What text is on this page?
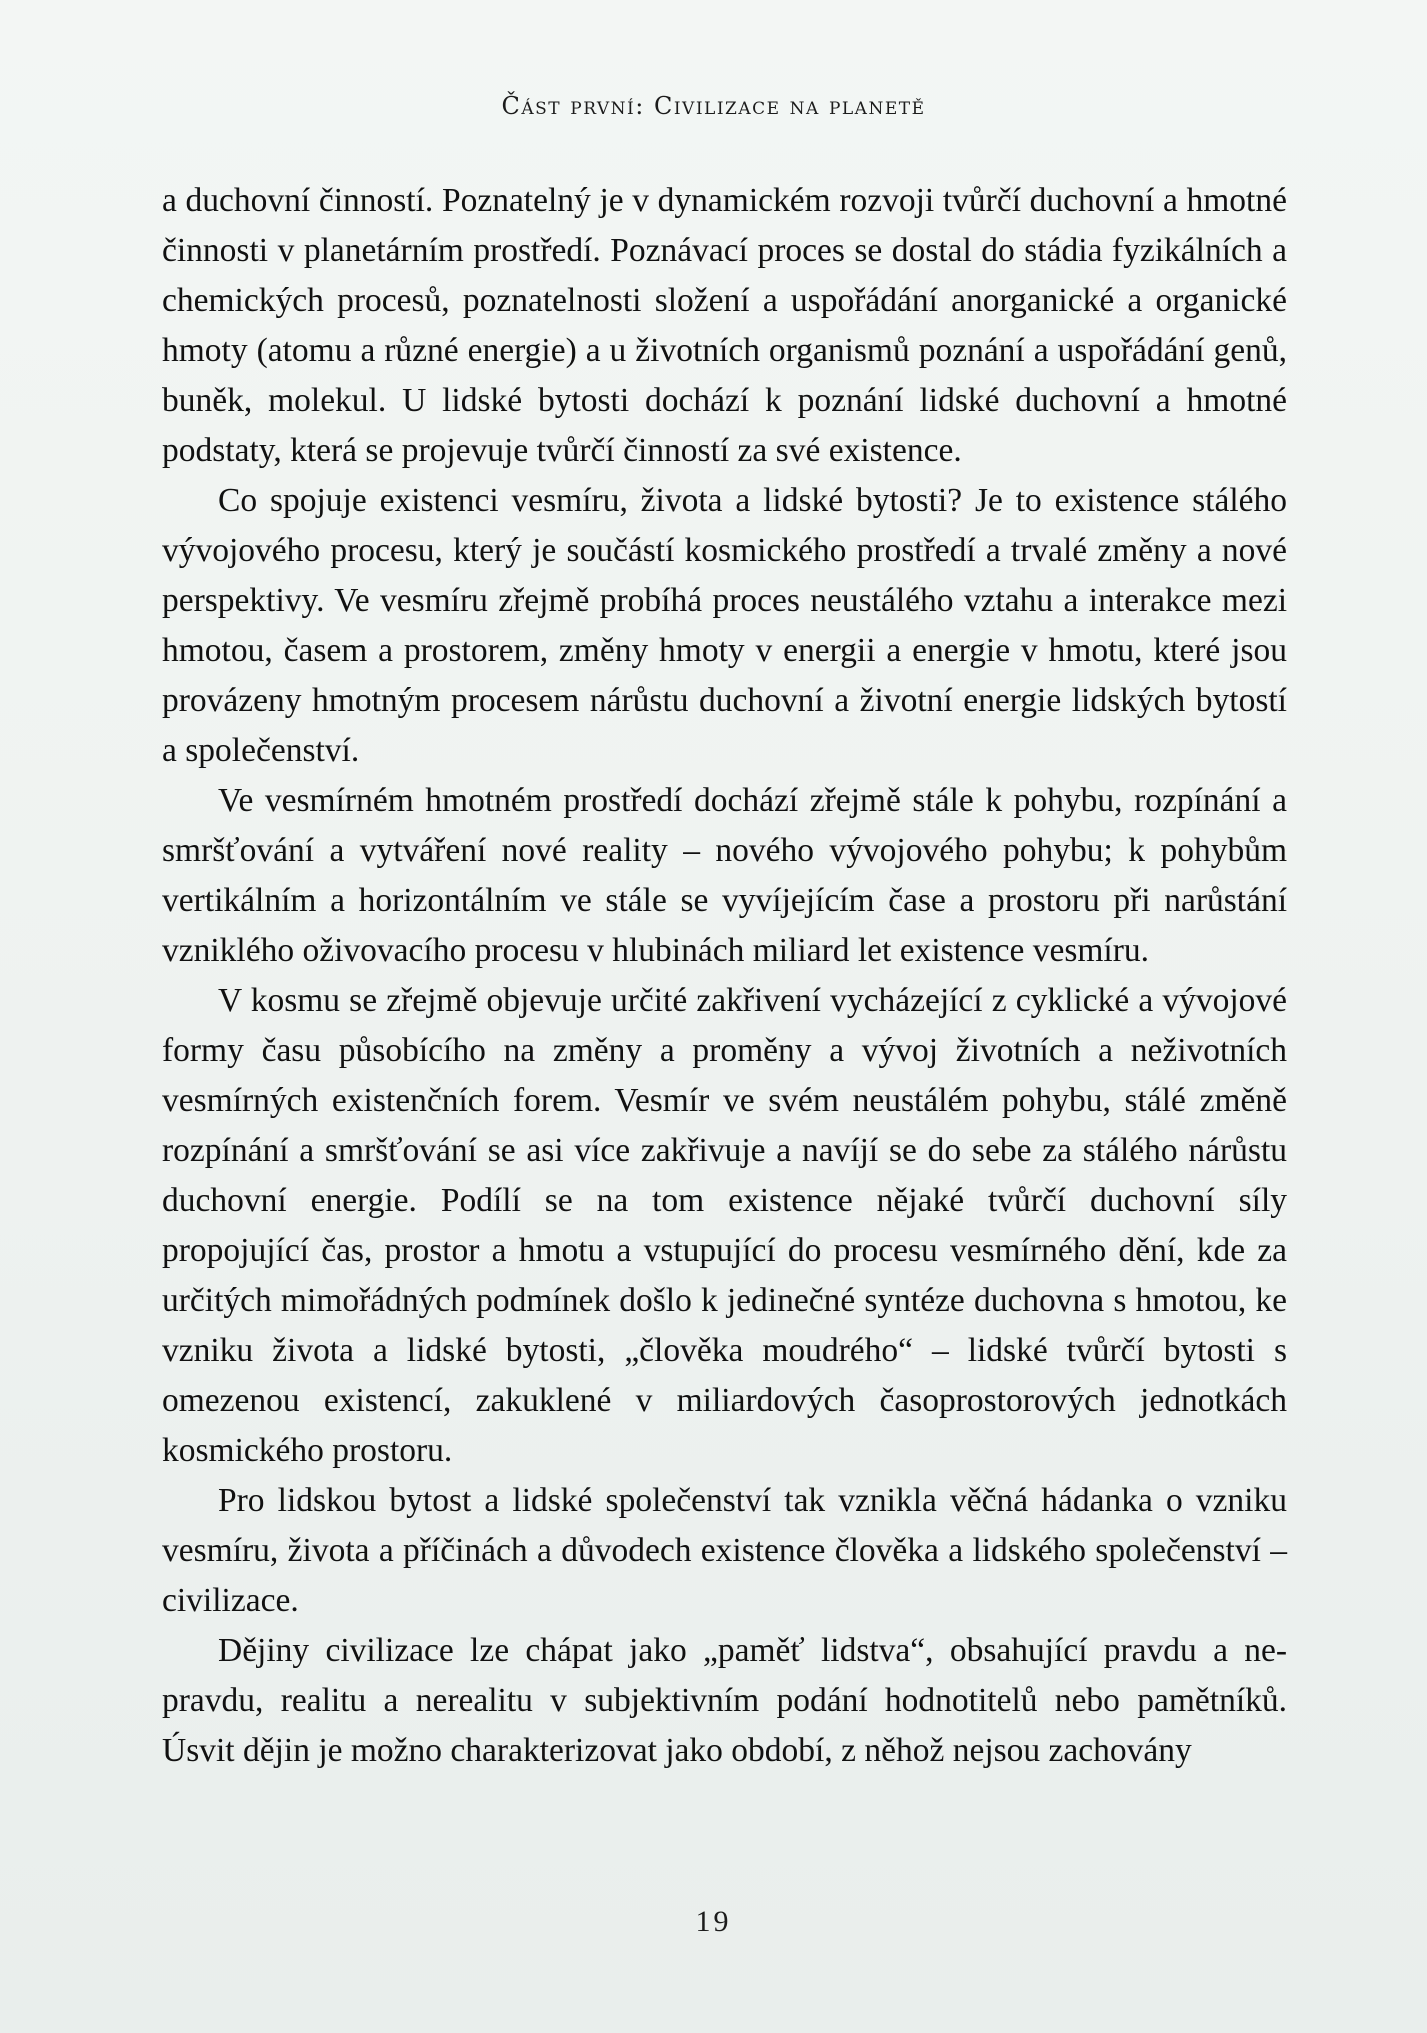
Část první: Civilizace na planetě

a duchovní činností. Poznatelný je v dynamickém rozvoji tvůrčí duchovní a hmotné činnosti v planetárním prostředí. Poznávací proces se dostal do stádia fyzikálních a chemických procesů, poznatelnosti složení a uspořádání anorganické a organické hmoty (atomu a různé energie) a u životních organismů poznání a uspořádání genů, buněk, molekul. U lidské bytosti dochází k poznání lidské duchovní a hmotné podstaty, která se projevuje tvůrčí činností za své existence.

Co spojuje existenci vesmíru, života a lidské bytosti? Je to existence stálého vývojového procesu, který je součástí kosmického prostředí a trvalé změny a nové perspektivy. Ve vesmíru zřejmě probíhá proces neustálého vztahu a interakce mezi hmotou, časem a prostorem, změny hmoty v energii a energie v hmotu, které jsou provázeny hmotným procesem nárůstu duchovní a životní energie lidských bytostí a společenství.

Ve vesmírném hmotném prostředí dochází zřejmě stále k pohybu, rozpínání a smršťování a vytváření nové reality – nového vývojového pohybu; k pohybům vertikálním a horizontálním ve stále se vyvíjejícím čase a prostoru při narůstání vzniklého oživovacího procesu v hlubinách miliard let existence vesmíru.

V kosmu se zřejmě objevuje určité zakřivení vycházející z cyklické a vývojové formy času působícího na změny a proměny a vývoj životních a neživotních vesmírných existenčních forem. Vesmír ve svém neustálém pohybu, stálé změně rozpínání a smršťování se asi více zakřivuje a navíjí se do sebe za stálého nárůstu duchovní energie. Podílí se na tom existence nějaké tvůrčí duchovní síly propojující čas, prostor a hmotu a vstupující do procesu vesmírného dění, kde za určitých mimořádných podmínek došlo k jedinečné syntéze duchovna s hmotou, ke vzniku života a lidské bytosti, „člověka moudrého“ – lidské tvůrčí bytosti s omezenou existencí, zakuklené v miliardových časoprostorových jednotkách kosmického prostoru.

Pro lidskou bytost a lidské společenství tak vznikla věčná hádanka o vzniku vesmíru, života a příčinách a důvodech existence člověka a lidského společenství – civilizace.

Dějiny civilizace lze chápat jako „paměť lidstva“, obsahující pravdu a nepravdu, realitu a nerealitu v subjektivním podání hodnotitelů nebo pamětníků. Úsvit dějin je možno charakterizovat jako období, z něhož nejsou zachovány

19
